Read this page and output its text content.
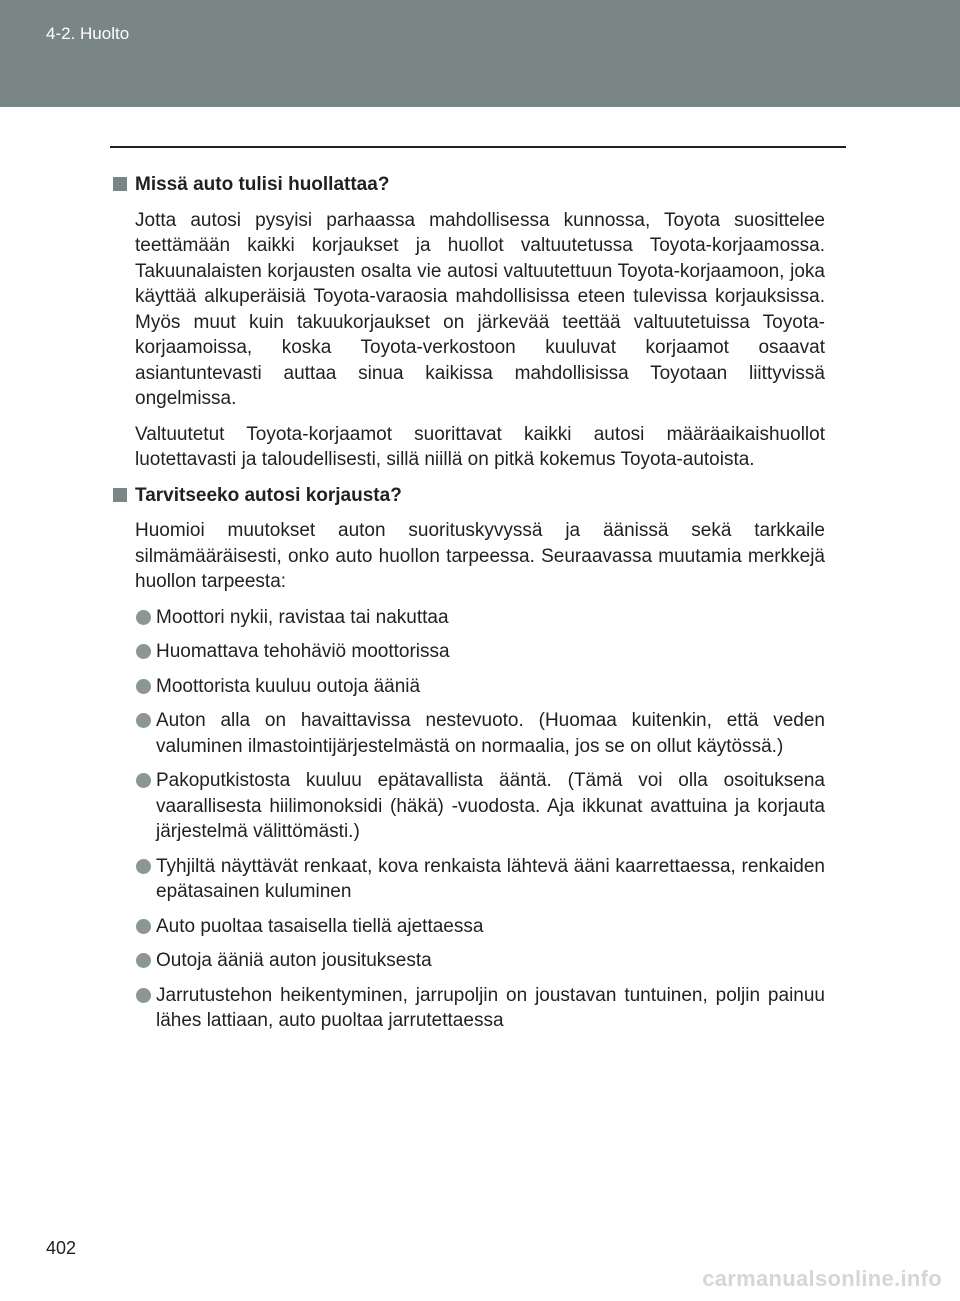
4-2. Huolto
Missä auto tulisi huollattaa?

Jotta autosi pysyisi parhaassa mahdollisessa kunnossa, Toyota suosittelee teettämään kaikki korjaukset ja huollot valtuutetussa Toyota-korjaamossa. Takuunalaisten korjausten osalta vie autosi valtuutettuun Toyota-korjaamoon, joka käyttää alkuperäisiä Toyota-varaosia mahdollisissa eteen tulevissa korjauksissa. Myös muut kuin takuukorjaukset on järkevää teettää valtuutetuissa Toyota-korjaamoissa, koska Toyota-verkostoon kuuluvat korjaamot osaavat asiantuntevasti auttaa sinua kaikissa mahdollisissa Toyotaan liittyvissä ongelmissa.

Valtuutetut Toyota-korjaamot suorittavat kaikki autosi määräaikaishuollot luotettavasti ja taloudellisesti, sillä niillä on pitkä kokemus Toyota-autoista.

Tarvitseeko autosi korjausta?

Huomioi muutokset auton suorituskyvyssä ja äänissä sekä tarkkaile silmämääräisesti, onko auto huollon tarpeessa. Seuraavassa muutamia merkkejä huollon tarpeesta:

Moottori nykii, ravistaa tai nakuttaa
Huomattava tehohäviö moottorissa
Moottorista kuuluu outoja ääniä
Auton alla on havaittavissa nestevuoto. (Huomaa kuitenkin, että veden valuminen ilmastointijärjestelmästä on normaalia, jos se on ollut käytössä.)
Pakoputkistosta kuuluu epätavallista ääntä. (Tämä voi olla osoituksena vaarallisesta hiilimonoksidi (häkä) -vuodosta. Aja ikkunat avattuina ja korjauta järjestelmä välittömästi.)
Tyhjiltä näyttävät renkaat, kova renkaista lähtevä ääni kaarrettaessa, renkaiden epätasainen kuluminen
Auto puoltaa tasaisella tiellä ajettaessa
Outoja ääniä auton jousituksesta
Jarrutustehon heikentyminen, jarrupoljin on joustavan tuntuinen, poljin painuu lähes lattiaan, auto puoltaa jarrutettaessa
402
carmanualsonline.info
